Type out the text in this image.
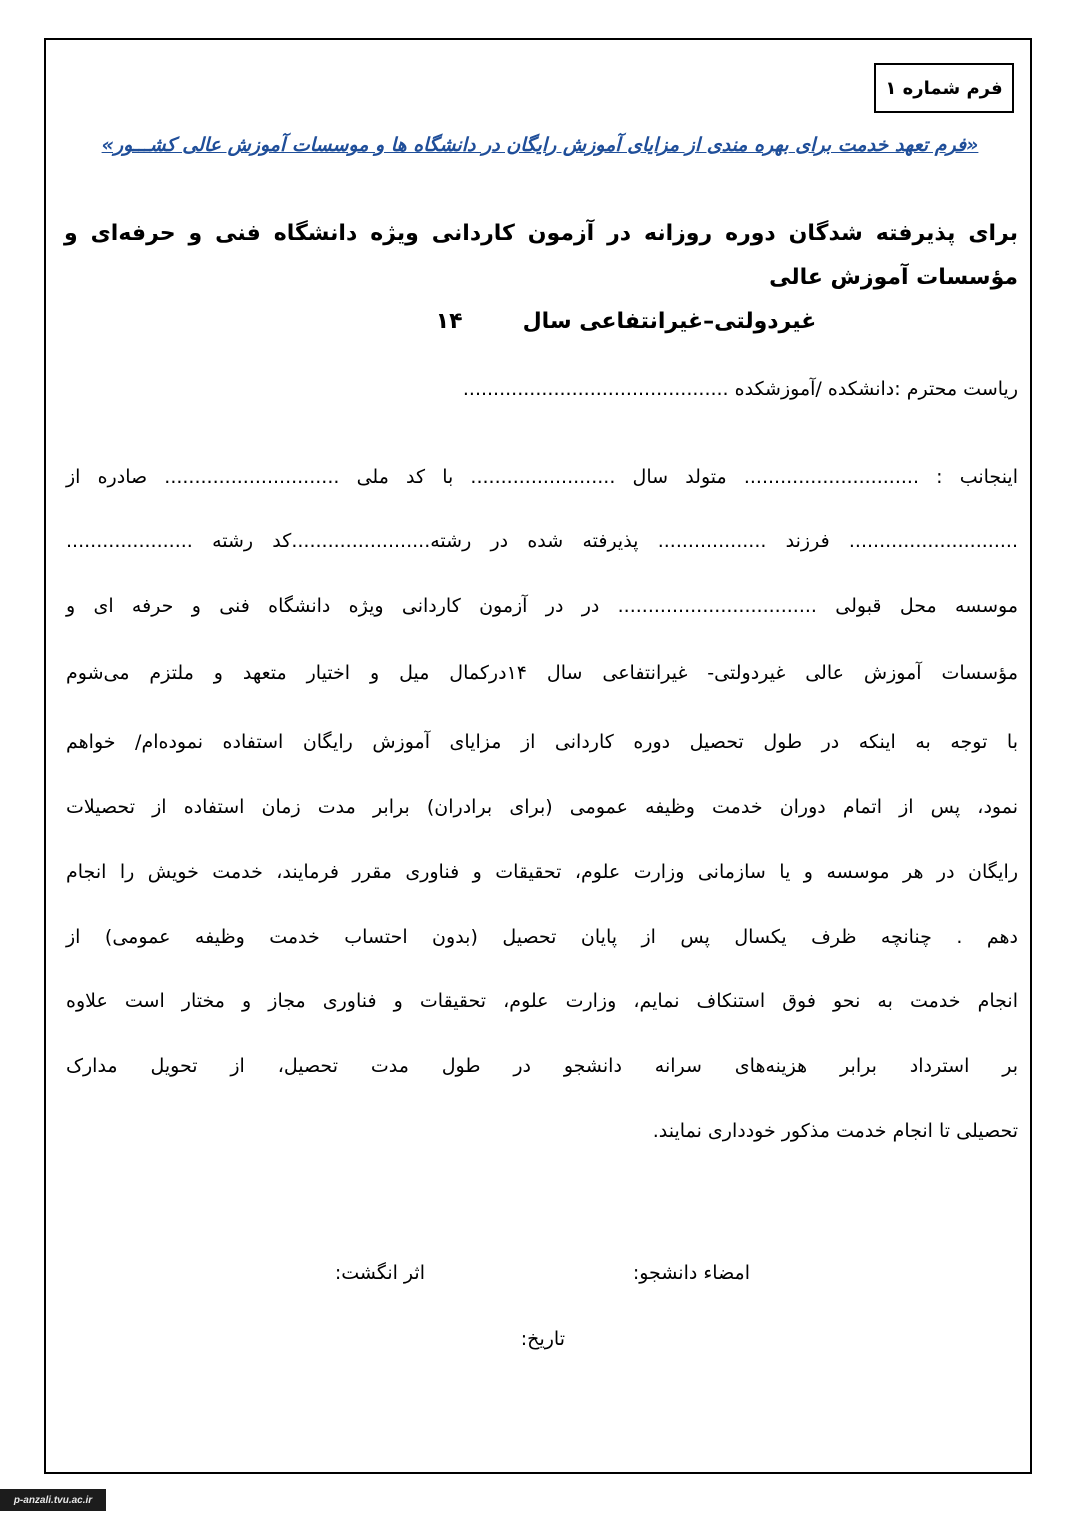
فرم شماره ۱
«فرم تعهد خدمت برای بهره مندی از مزایای آموزش رایگان در دانشگاه ها و موسسات آموزش عالی کشـــور»
برای پذیرفته شدگان دوره روزانه در آزمون کاردانی ویژه دانشگاه فنی و حرفه‌ای و مؤسسات آموزش عالی
غیردولتی–غیرانتفاعی سال۱۴
ریاست محترم :دانشکده /آموزشکده ............................................
اینجانب : ............................. متولد سال ........................ با کد ملی ............................. صادره از
............................ فرزند .................. پذیرفته شده در رشته.......................کد رشته .....................
موسسه محل قبولی ................................. در در آزمون کاردانی ویژه دانشگاه فنی و حرفه ای و
مؤسسات آموزش عالی غیردولتی- غیرانتفاعی سال ۱۴درکمال میل و اختیار متعهد و ملتزم می‌شوم
با توجه به اینکه در طول تحصیل دوره کاردانی از مزایای آموزش رایگان استفاده نموده‌ام/ خواهم
نمود، پس از اتمام دوران خدمت وظیفه عمومی (برای برادران) برابر مدت زمان استفاده از تحصیلات
رایگان در هر موسسه و یا سازمانی وزارت علوم، تحقیقات و فناوری مقرر فرمایند، خدمت خویش را انجام
دهم . چنانچه ظرف یکسال پس از پایان تحصیل (بدون احتساب خدمت وظیفه عمومی) از
انجام خدمت به نحو فوق استنکاف نمایم، وزارت علوم، تحقیقات و فناوری مجاز و مختار است علاوه
بر استرداد برابر هزینه‌های سرانه دانشجو در طول مدت تحصیل، از تحویل مدارک
تحصیلی تا انجام خدمت مذکور خودداری نمایند.
امضاء دانشجو:
اثر انگشت:
تاریخ:
p-anzali.tvu.ac.ir
